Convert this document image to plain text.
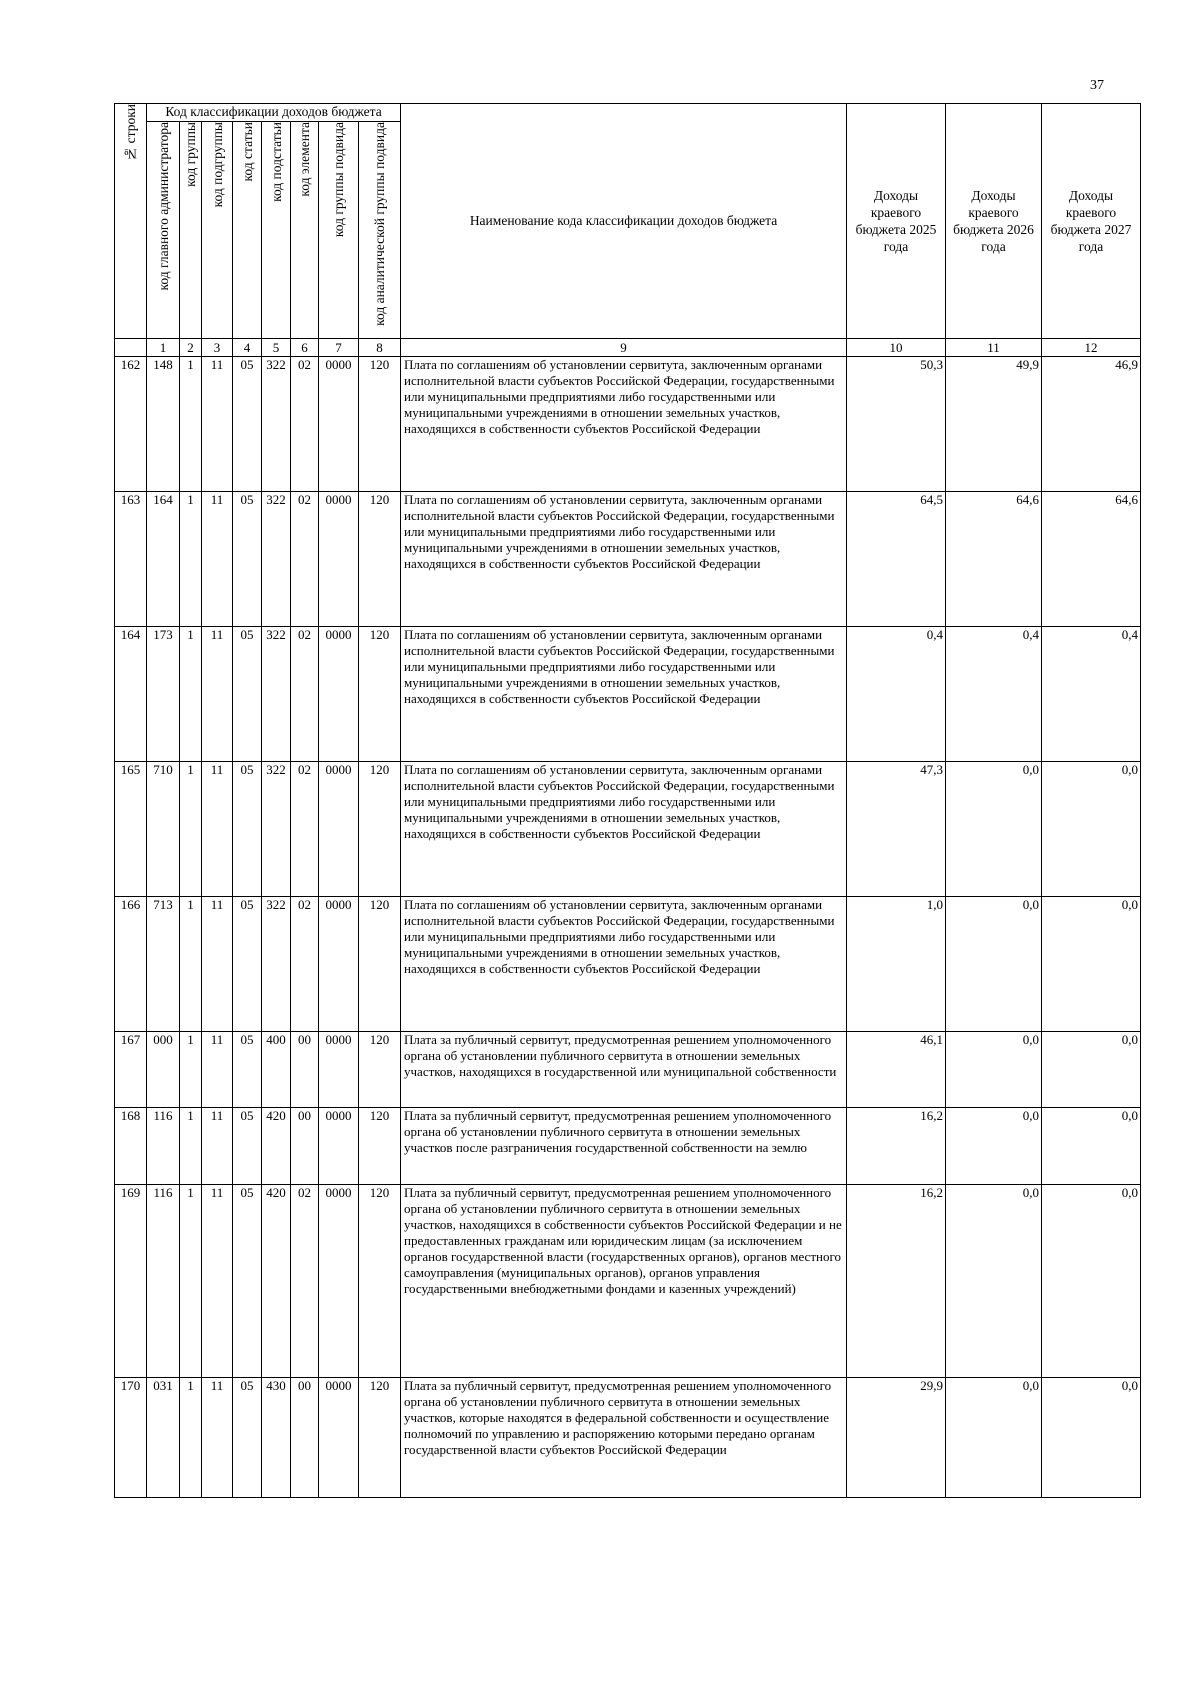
37
№ строки	Код классификации доходов бюджета								Наименование кода классификации доходов бюджета	Доходы краевого бюджета 2025 года	Доходы краевого бюджета 2026 года	Доходы краевого бюджета 2027 года
	код главного администратора	код группы	код подгруппы	код статьи	код подстатьи	код элемента	код группы подвида	код аналитической группы подвида				
	1	2	3	4	5	6	7	8	9	10	11	12
162	148	1	11	05	322	02	0000	120	Плата по соглашениям об установлении сервитута, заключенным органами исполнительной власти субъектов Российской Федерации, государственными или муниципальными предприятиями либо государственными или муниципальными учреждениями в отношении земельных участков, находящихся в собственности субъектов Российской Федерации	50,3	49,9	46,9
163	164	1	11	05	322	02	0000	120	Плата по соглашениям об установлении сервитута, заключенным органами исполнительной власти субъектов Российской Федерации, государственными или муниципальными предприятиями либо государственными или муниципальными учреждениями в отношении земельных участков, находящихся в собственности субъектов Российской Федерации	64,5	64,6	64,6
164	173	1	11	05	322	02	0000	120	Плата по соглашениям об установлении сервитута, заключенным органами исполнительной власти субъектов Российской Федерации, государственными или муниципальными предприятиями либо государственными или муниципальными учреждениями в отношении земельных участков, находящихся в собственности субъектов Российской Федерации	0,4	0,4	0,4
165	710	1	11	05	322	02	0000	120	Плата по соглашениям об установлении сервитута, заключенным органами исполнительной власти субъектов Российской Федерации, государственными или муниципальными предприятиями либо государственными или муниципальными учреждениями в отношении земельных участков, находящихся в собственности субъектов Российской Федерации	47,3	0,0	0,0
166	713	1	11	05	322	02	0000	120	Плата по соглашениям об установлении сервитута, заключенным органами исполнительной власти субъектов Российской Федерации, государственными или муниципальными предприятиями либо государственными или муниципальными учреждениями в отношении земельных участков, находящихся в собственности субъектов Российской Федерации	1,0	0,0	0,0
167	000	1	11	05	400	00	0000	120	Плата за публичный сервитут, предусмотренная решением уполномоченного органа об установлении публичного сервитута в отношении земельных участков, находящихся в государственной или муниципальной собственности	46,1	0,0	0,0
168	116	1	11	05	420	00	0000	120	Плата за публичный сервитут, предусмотренная решением уполномоченного органа об установлении публичного сервитута в отношении земельных участков после разграничения государственной собственности на землю	16,2	0,0	0,0
169	116	1	11	05	420	02	0000	120	Плата за публичный сервитут, предусмотренная решением уполномоченного органа об установлении публичного сервитута в отношении земельных участков, находящихся в собственности субъектов Российской Федерации и не предоставленных гражданам или юридическим лицам (за исключением органов государственной власти (государственных органов), органов местного самоуправления (муниципальных органов), органов управления государственными внебюджетными фондами и казенных учреждений)	16,2	0,0	0,0
170	031	1	11	05	430	00	0000	120	Плата за публичный сервитут, предусмотренная решением уполномоченного органа об установлении публичного сервитута в отношении земельных участков, которые находятся в федеральной собственности и осуществление полномочий по управлению и распоряжению которыми передано органам государственной власти субъектов Российской Федерации	29,9	0,0	0,0
